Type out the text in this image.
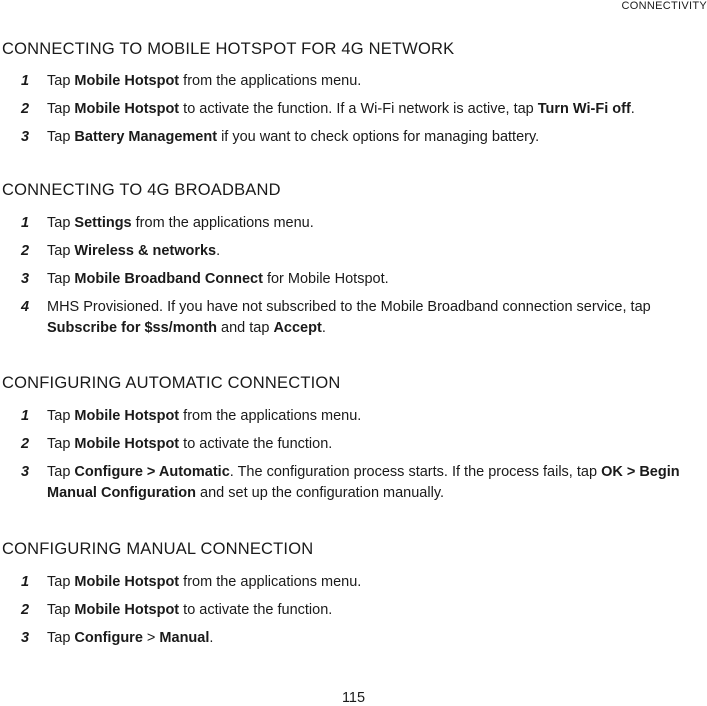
CONNECTIVITY
CONNECTING TO MOBILE HOTSPOT FOR 4G NETWORK
1 Tap Mobile Hotspot from the applications menu.
2 Tap Mobile Hotspot to activate the function. If a Wi-Fi network is active, tap Turn Wi-Fi off.
3 Tap Battery Management if you want to check options for managing battery.
CONNECTING TO 4G BROADBAND
1 Tap Settings from the applications menu.
2 Tap Wireless & networks.
3 Tap Mobile Broadband Connect for Mobile Hotspot.
4 MHS Provisioned. If you have not subscribed to the Mobile Broadband connection service, tap Subscribe for $ss/month and tap Accept.
CONFIGURING AUTOMATIC CONNECTION
1 Tap Mobile Hotspot from the applications menu.
2 Tap Mobile Hotspot to activate the function.
3 Tap Configure > Automatic. The configuration process starts. If the process fails, tap OK > Begin Manual Configuration and set up the configuration manually.
CONFIGURING MANUAL CONNECTION
1 Tap Mobile Hotspot from the applications menu.
2 Tap Mobile Hotspot to activate the function.
3 Tap Configure > Manual.
115
